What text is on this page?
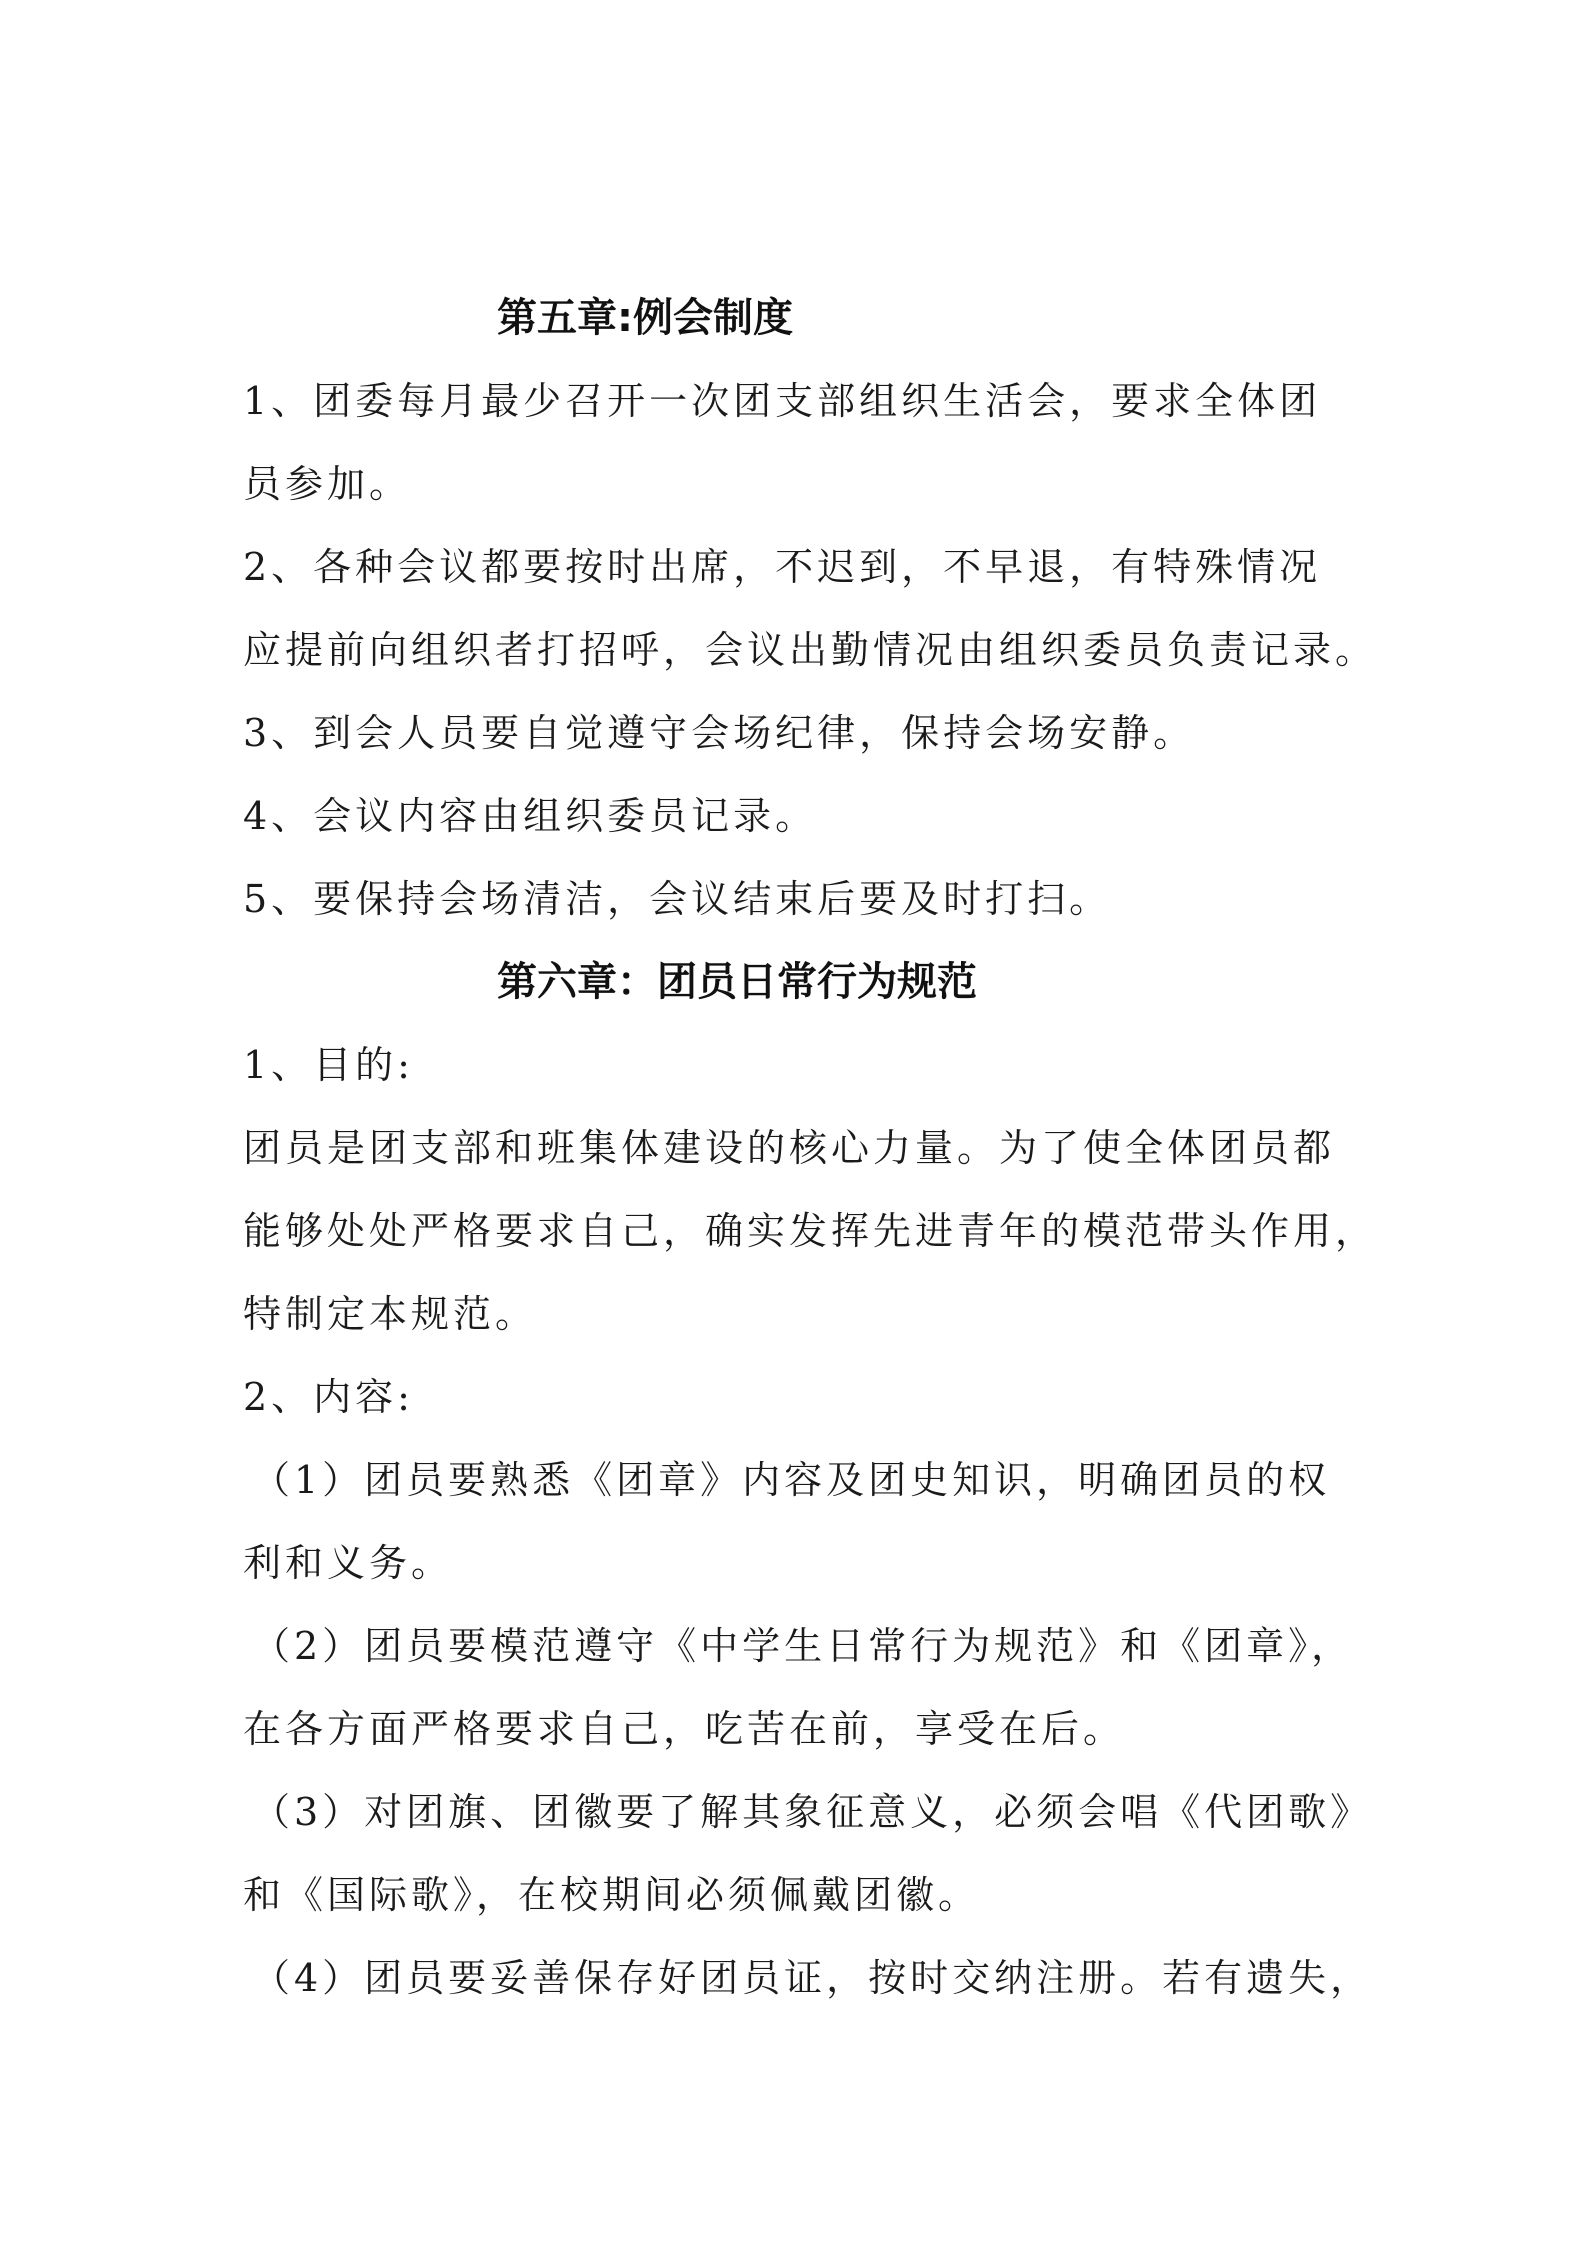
第五章:例会制度
1、团委每月最少召开一次团支部组织生活会，要求全体团
员参加。
2、各种会议都要按时出席，不迟到，不早退，有特殊情况
应提前向组织者打招呼，会议出勤情况由组织委员负责记录。
3、到会人员要自觉遵守会场纪律，保持会场安静。
4、会议内容由组织委员记录。
5、要保持会场清洁，会议结束后要及时打扫。
第六章：团员日常行为规范
1、目的:
团员是团支部和班集体建设的核心力量。为了使全体团员都
能够处处严格要求自己，确实发挥先进青年的模范带头作用，
特制定本规范。
2、内容:
（1）团员要熟悉《团章》内容及团史知识，明确团员的权
利和义务。
（2）团员要模范遵守《中学生日常行为规范》和《团章》，
在各方面严格要求自己，吃苦在前，享受在后。
（3）对团旗、团徽要了解其象征意义，必须会唱《代团歌》
和《国际歌》，在校期间必须佩戴团徽。
（4）团员要妥善保存好团员证，按时交纳注册。若有遗失，
